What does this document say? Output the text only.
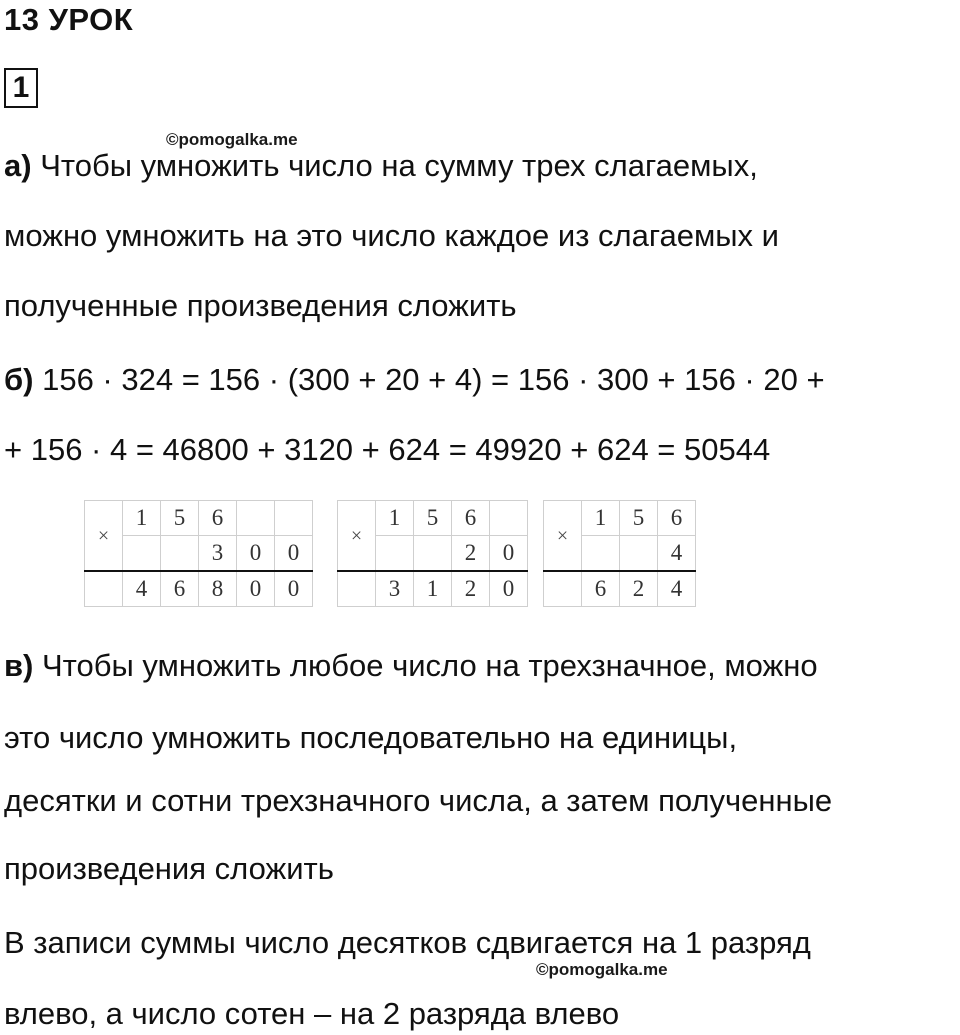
13 УРОК
1
©pomogalka.me
а) Чтобы умножить число на сумму трех слагаемых,
можно умножить на это число каждое из слагаемых и
полученные произведения сложить
б) 156 · 324 = 156 · (300 + 20 + 4) = 156 · 300 + 156 · 20 +
+ 156 · 4 = 46800 + 3120 + 624 = 49920 + 624 = 50544
×	1	5	6		
			3	0	0
	4	6	8	0	0
×	1	5	6	
			2	0
	3	1	2	0
×	1	5	6
			4
	6	2	4
в) Чтобы умножить любое число на трехзначное, можно
это число умножить последовательно на единицы,
десятки и сотни трехзначного числа, а затем полученные
произведения сложить
В записи суммы число десятков сдвигается на 1 разряд
©pomogalka.me
влево, а число сотен – на 2 разряда влево
